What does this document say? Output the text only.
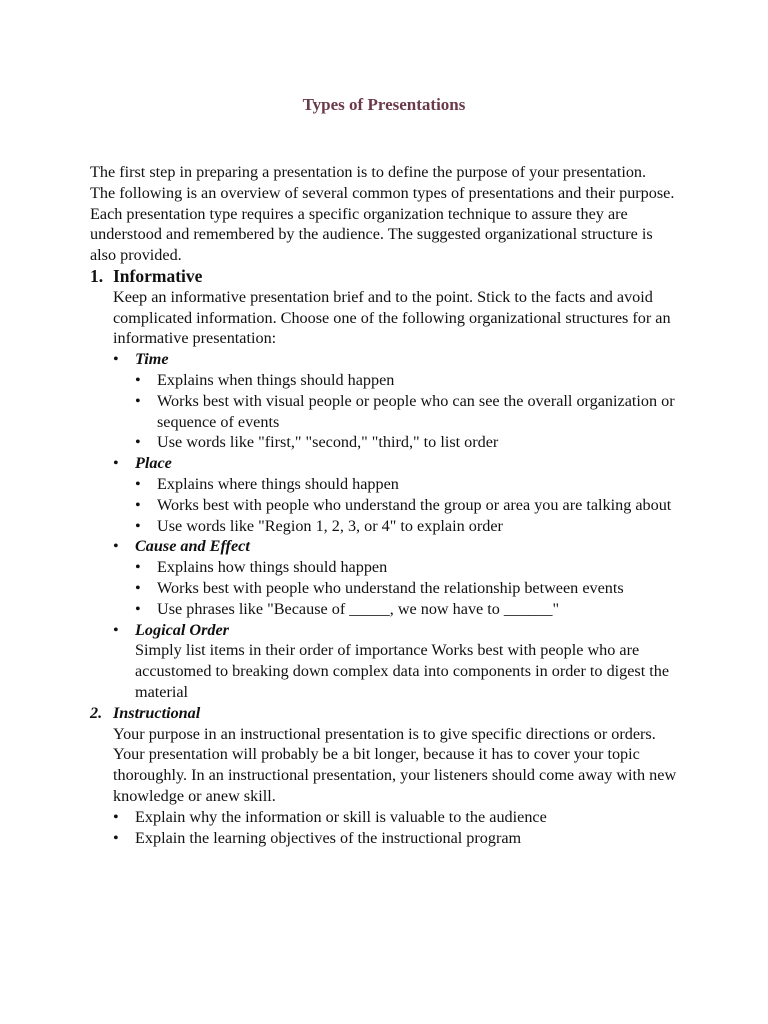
Types of Presentations

The first step in preparing a presentation is to define the purpose of your presentation.

The following is an overview of several common types of presentations and their purpose. Each presentation type requires a specific organization technique to assure they are understood and remembered by the audience. The suggested organizational structure is also provided.

1. Informative

Keep an informative presentation brief and to the point. Stick to the facts and avoid complicated information. Choose one of the following organizational structures for an informative presentation:

• Time
• Explains when things should happen
• Works best with visual people or people who can see the overall organization or sequence of events
• Use words like "first," "second," "third," to list order
• Place
• Explains where things should happen
• Works best with people who understand the group or area you are talking about
• Use words like "Region 1, 2, 3, or 4" to explain order
• Cause and Effect
• Explains how things should happen
• Works best with people who understand the relationship between events
• Use phrases like "Because of _____, we now have to ______"
• Logical Order

Simply list items in their order of importance Works best with people who are accustomed to breaking down complex data into components in order to digest the material

2. Instructional

Your purpose in an instructional presentation is to give specific directions or orders. Your presentation will probably be a bit longer, because it has to cover your topic thoroughly. In an instructional presentation, your listeners should come away with new knowledge or anew skill.

• Explain why the information or skill is valuable to the audience
• Explain the learning objectives of the instructional program
